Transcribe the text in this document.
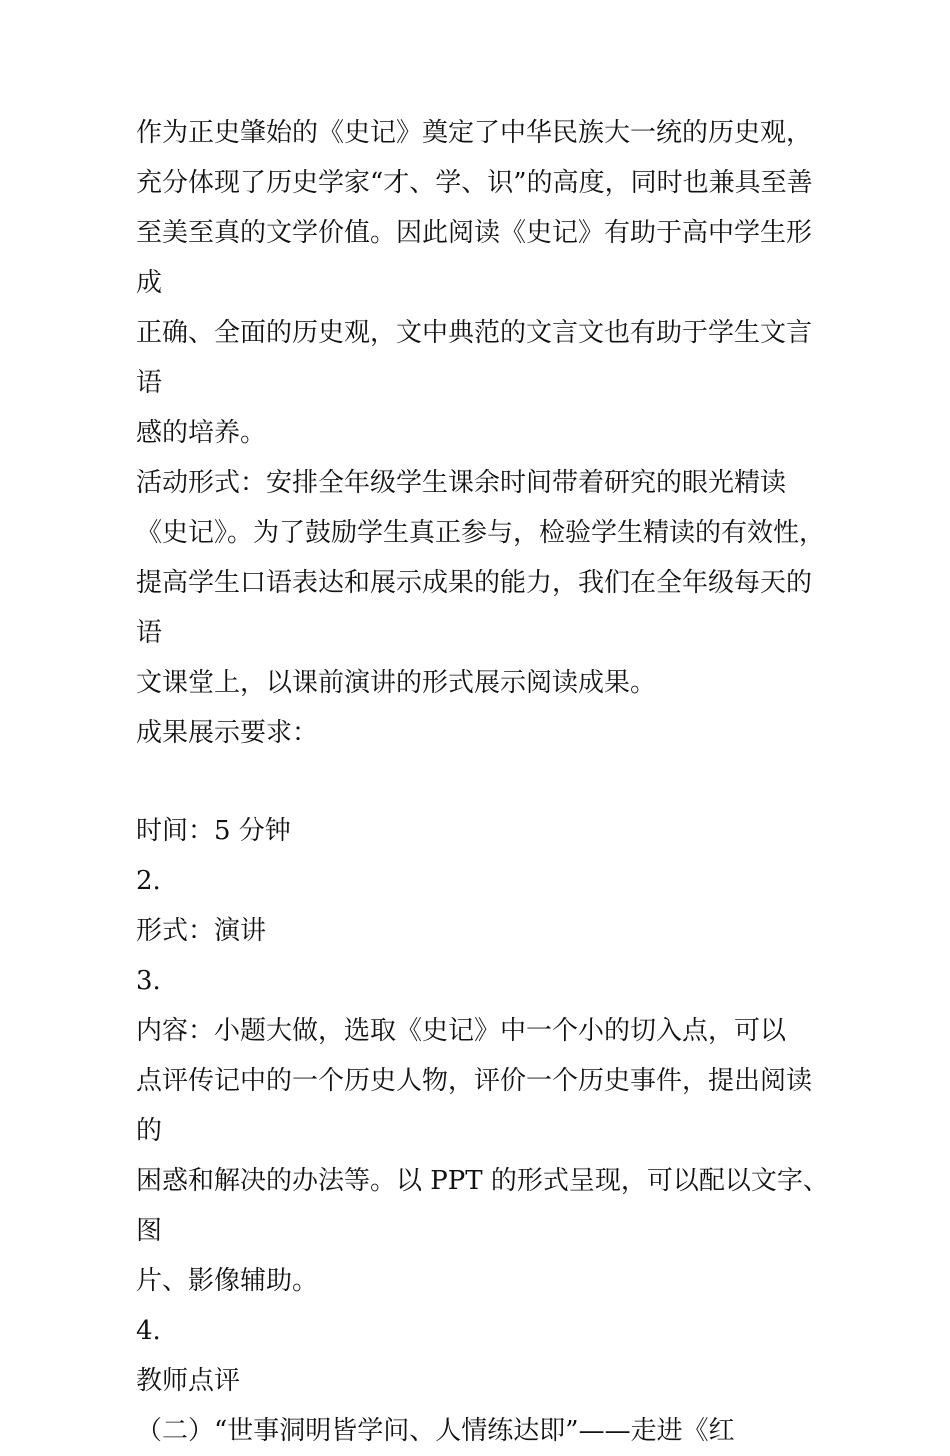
作为正史肇始的《史记》奠定了中华民族大一统的历史观，

充分体现了历史学家“才、学、识”的高度，同时也兼具至善

至美至真的文学价值。因此阅读《史记》有助于高中学生形成

正确、全面的历史观，文中典范的文言文也有助于学生文言语

感的培养。

活动形式：安排全年级学生课余时间带着研究的眼光精读

《史记》。为了鼓励学生真正参与，检验学生精读的有效性，

提高学生口语表达和展示成果的能力，我们在全年级每天的语

文课堂上，以课前演讲的形式展示阅读成果。

成果展示要求：

时间：5 分钟

2.

形式：演讲

3.

内容：小题大做，选取《史记》中一个小的切入点，可以

点评传记中的一个历史人物，评价一个历史事件，提出阅读的

困惑和解决的办法等。以 PPT 的形式呈现，可以配以文字、图

片、影像辅助。

4.

教师点评

（二）“世事洞明皆学问、人情练达即”——走进《红
